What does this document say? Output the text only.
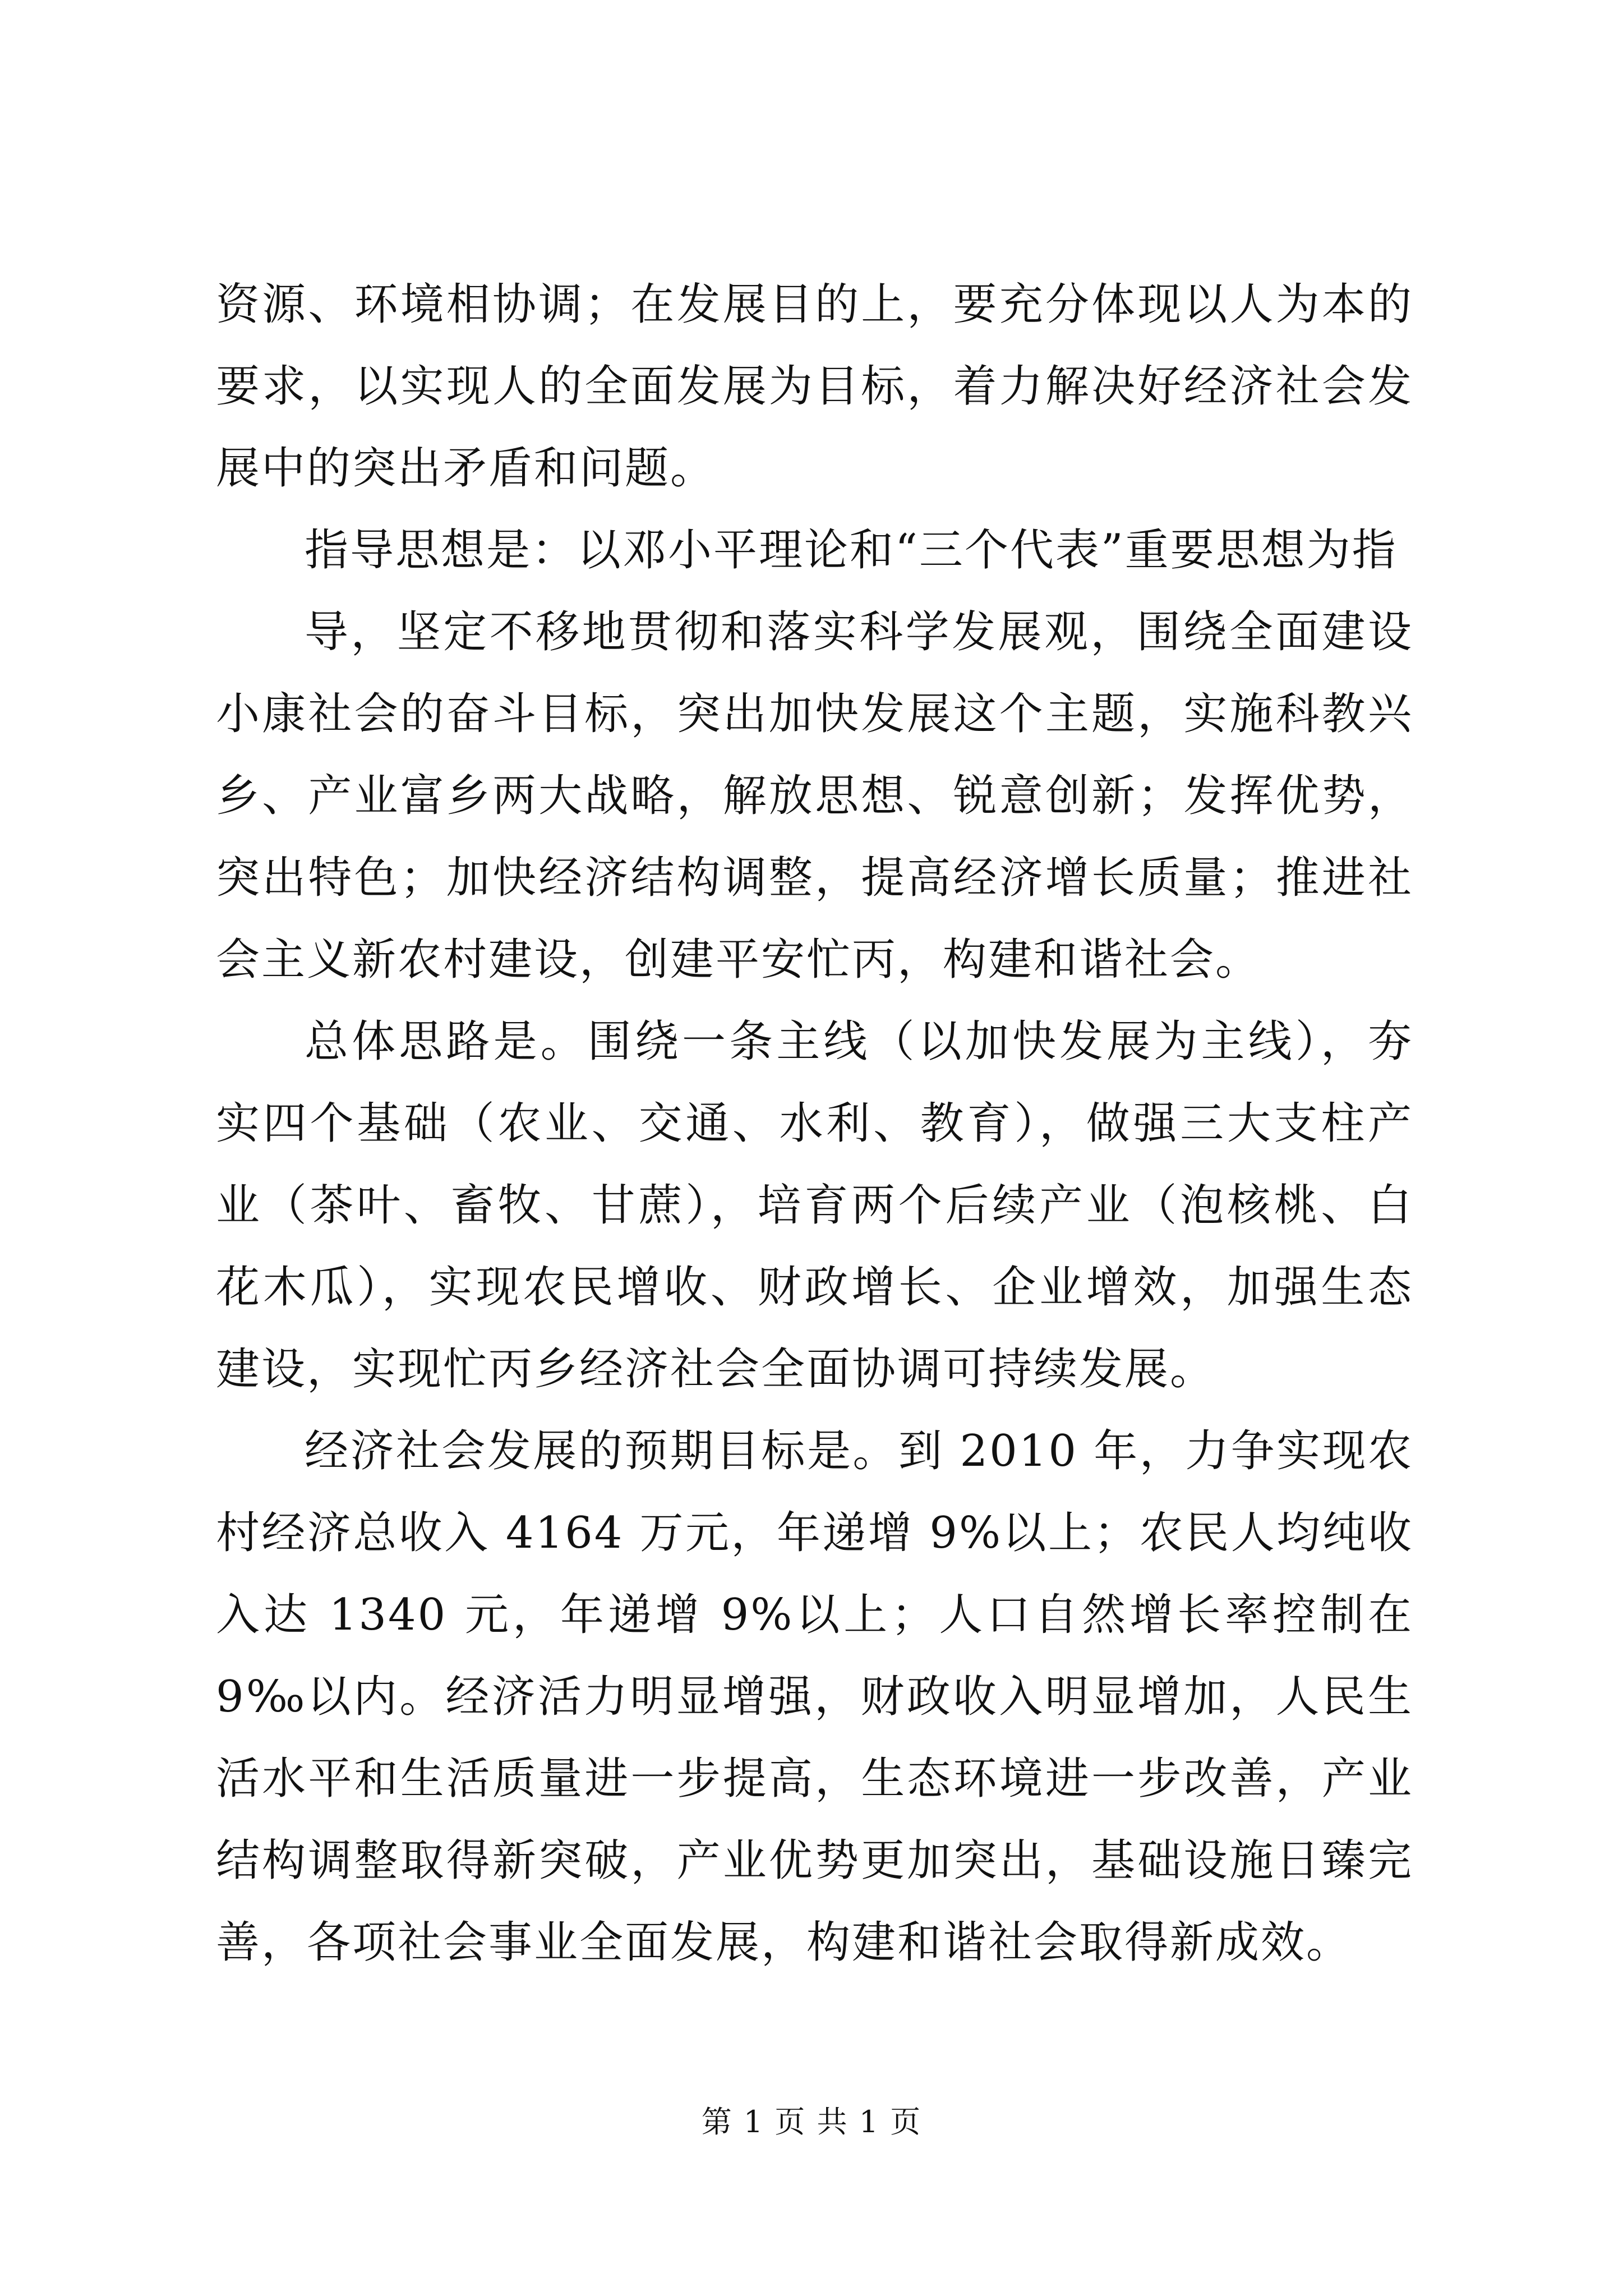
资源、环境相协调；在发展目的上，要充分体现以人为本的要求，以实现人的全面发展为目标，着力解决好经济社会发展中的突出矛盾和问题。

指导思想是：以邓小平理论和“三个代表”重要思想为指

导，坚定不移地贯彻和落实科学发展观，围绕全面建设小康社会的奋斗目标，突出加快发展这个主题，实施科教兴乡、产业富乡两大战略，解放思想、锐意创新；发挥优势，突出特色；加快经济结构调整，提高经济增长质量；推进社会主义新农村建设，创建平安忙丙，构建和谐社会。

总体思路是。围绕一条主线（以加快发展为主线），夯实四个基础（农业、交通、水利、教育），做强三大支柱产业（茶叶、畜牧、甘蔗），培育两个后续产业（泡核桃、白花木瓜），实现农民增收、财政增长、企业增效，加强生态建设，实现忙丙乡经济社会全面协调可持续发展。

经济社会发展的预期目标是。到 2010 年，力争实现农村经济总收入 4164 万元，年递增 9%以上；农民人均纯收入达 1340 元，年递增 9%以上；人口自然增长率控制在 9‰以内。经济活力明显增强，财政收入明显增加，人民生活水平和生活质量进一步提高，生态环境进一步改善，产业结构调整取得新突破，产业优势更加突出，基础设施日臻完善，各项社会事业全面发展，构建和谐社会取得新成效。

第 1 页 共 1 页
